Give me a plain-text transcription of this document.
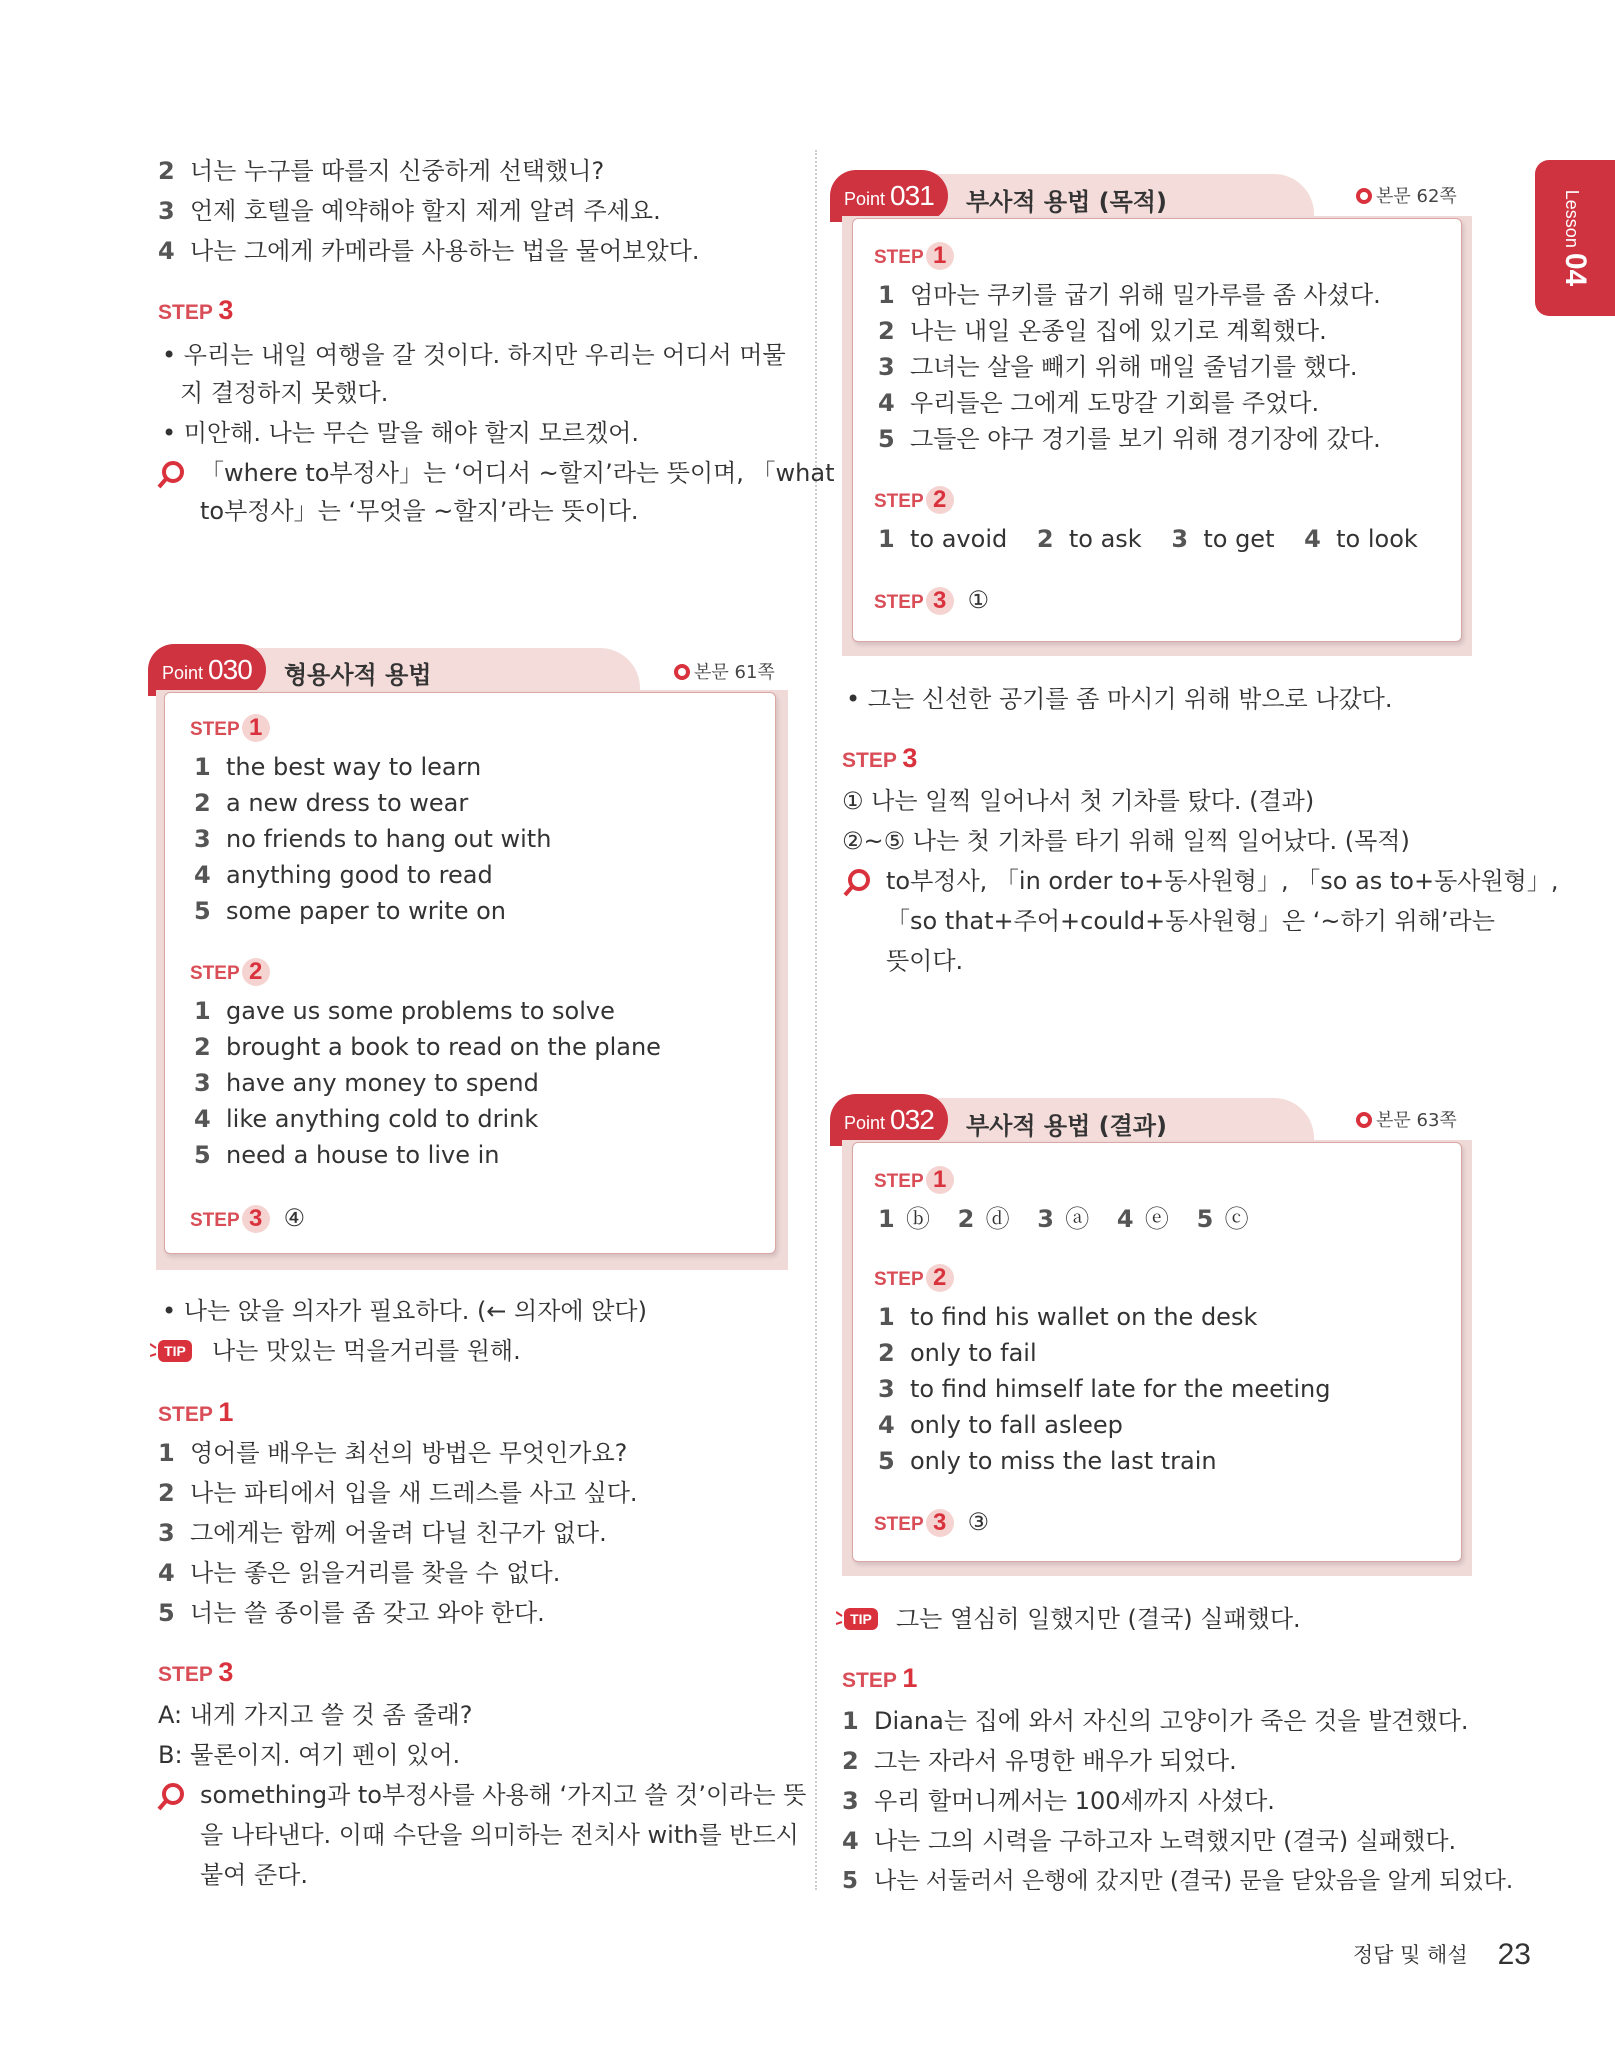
Lesson 04
2 너는 누구를 따를지 신중하게 선택했니?
3 언제 호텔을 예약해야 할지 제게 알려 주세요.
4 나는 그에게 카메라를 사용하는 법을 물어보았다.
STEP 3
• 우리는 내일 여행을 갈 것이다. 하지만 우리는 어디서 머물
지 결정하지 못했다.
• 미안해. 나는 무슨 말을 해야 할지 모르겠어.
「where to부정사」는 ‘어디서 ~할지’라는 뜻이며, 「what
to부정사」는 ‘무엇을 ~할지’라는 뜻이다.
Point 030	형용사적 용법	본문 61쪽
STEP 1
1 the best way to learn
2 a new dress to wear
3 no friends to hang out with
4 anything good to read
5 some paper to write on
STEP 2
1 gave us some problems to solve
2 brought a book to read on the plane
3 have any money to spend
4 like anything cold to drink
5 need a house to live in
STEP 3 ④
• 나는 앉을 의자가 필요하다. (← 의자에 앉다)
TIP 나는 맛있는 먹을거리를 원해.
STEP 1
1 영어를 배우는 최선의 방법은 무엇인가요?
2 나는 파티에서 입을 새 드레스를 사고 싶다.
3 그에게는 함께 어울려 다닐 친구가 없다.
4 나는 좋은 읽을거리를 찾을 수 없다.
5 너는 쓸 종이를 좀 갖고 와야 한다.
STEP 3
A: 내게 가지고 쓸 것 좀 줄래?
B: 물론이지. 여기 펜이 있어.
something과 to부정사를 사용해 ‘가지고 쓸 것’이라는 뜻
을 나타낸다. 이때 수단을 의미하는 전치사 with를 반드시
붙여 준다.
Point 031	부사적 용법 (목적)	본문 62쪽
STEP 1
1 엄마는 쿠키를 굽기 위해 밀가루를 좀 사셨다.
2 나는 내일 온종일 집에 있기로 계획했다.
3 그녀는 살을 빼기 위해 매일 줄넘기를 했다.
4 우리들은 그에게 도망갈 기회를 주었다.
5 그들은 야구 경기를 보기 위해 경기장에 갔다.
STEP 2
1 to avoid 2 to ask 3 to get 4 to look
STEP 3 ①
• 그는 신선한 공기를 좀 마시기 위해 밖으로 나갔다.
STEP 3
① 나는 일찍 일어나서 첫 기차를 탔다. (결과)
②~⑤ 나는 첫 기차를 타기 위해 일찍 일어났다. (목적)
to부정사, 「in order to+동사원형」, 「so as to+동사원형」,
「so that+주어+could+동사원형」은 ‘~하기 위해’라는
뜻이다.
Point 032	부사적 용법 (결과)	본문 63쪽
STEP 1
1 ⓑ 2 ⓓ 3 ⓐ 4 ⓔ 5 ⓒ
STEP 2
1 to find his wallet on the desk
2 only to fail
3 to find himself late for the meeting
4 only to fall asleep
5 only to miss the last train
STEP 3 ③
TIP 그는 열심히 일했지만 (결국) 실패했다.
STEP 1
1 Diana는 집에 와서 자신의 고양이가 죽은 것을 발견했다.
2 그는 자라서 유명한 배우가 되었다.
3 우리 할머니께서는 100세까지 사셨다.
4 나는 그의 시력을 구하고자 노력했지만 (결국) 실패했다.
5 나는 서둘러서 은행에 갔지만 (결국) 문을 닫았음을 알게 되었다.
정답 및 해설 23
